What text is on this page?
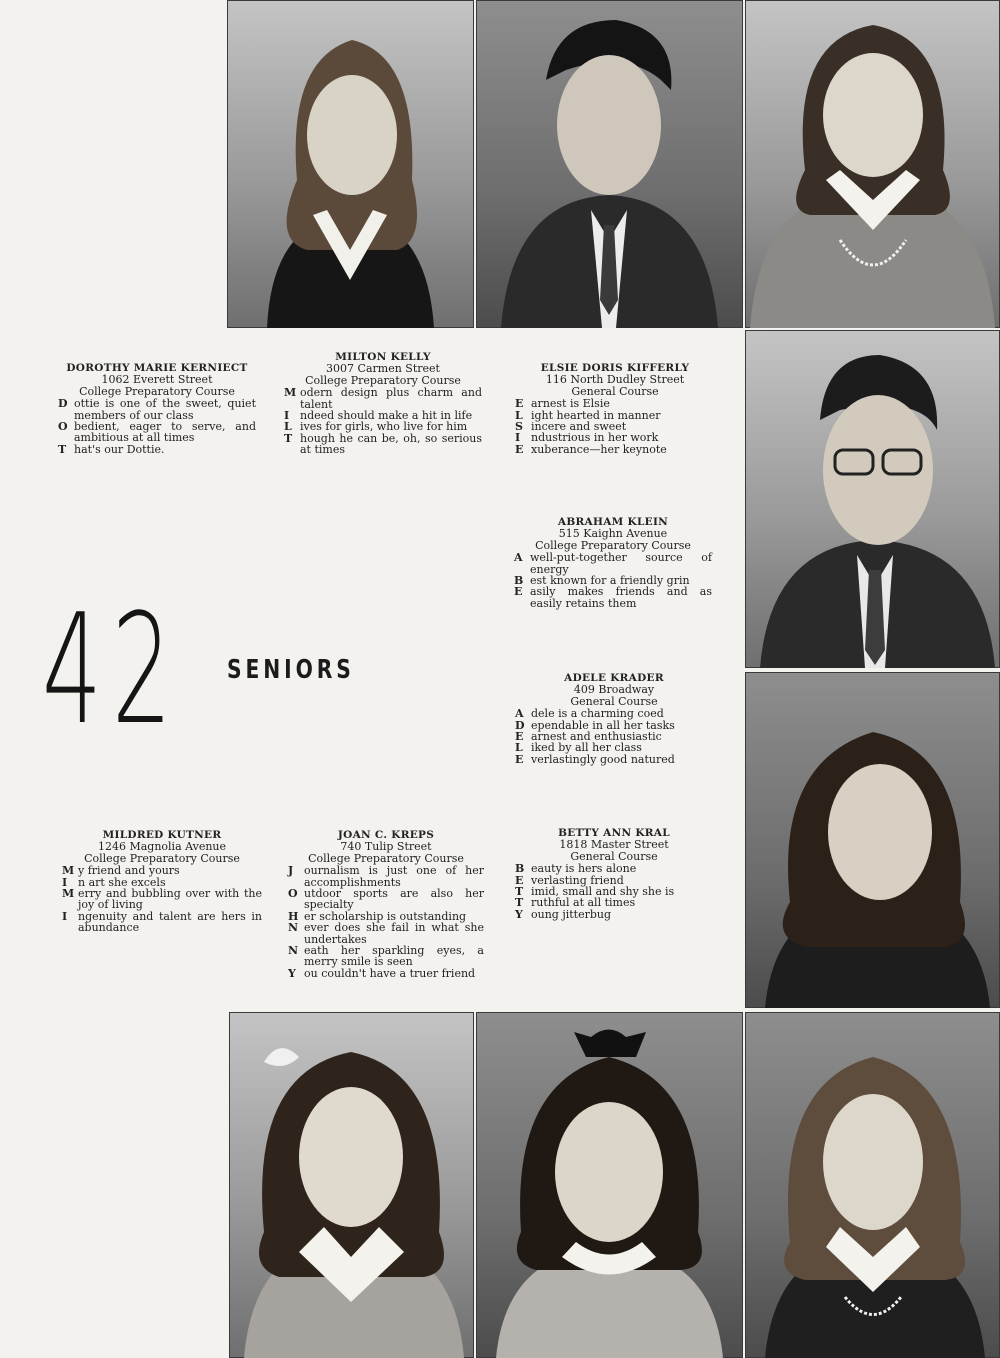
DOROTHY MARIE KERNIECT
1062 Everett Street
College Preparatory Course
D ottie is one of the sweet, quiet members of our class
O bedient, eager to serve, and ambitious at all times
T hat's our Dottie.
MILTON KELLY
3007 Carmen Street
College Preparatory Course
M odern design plus charm and talent
I ndeed should make a hit in life
L ives for girls, who live for him
T hough he can be, oh, so serious at times
ELSIE DORIS KIFFERLY
116 North Dudley Street
General Course
E arnest is Elsie
L ight hearted in manner
S incere and sweet
I ndustrious in her work
E xuberance—her keynote
ABRAHAM KLEIN
515 Kaighn Avenue
College Preparatory Course
A well-put-together source of energy
B est known for a friendly grin
E asily makes friends and as easily retains them
ADELE KRADER
409 Broadway
General Course
A dele is a charming coed
D ependable in all her tasks
E arnest and enthusiastic
L iked by all her class
E verlastingly good natured
MILDRED KUTNER
1246 Magnolia Avenue
College Preparatory Course
M y friend and yours
I n art she excels
M erry and bubbling over with the joy of living
I ngenuity and talent are hers in abundance
JOAN C. KREPS
740 Tulip Street
College Preparatory Course
J ournalism is just one of her accomplishments
O utdoor sports are also her specialty
H er scholarship is outstanding
N ever does she fail in what she undertakes
N eath her sparkling eyes, a merry smile is seen
Y ou couldn't have a truer friend
BETTY ANN KRAL
1818 Master Street
General Course
B eauty is hers alone
E verlasting friend
T imid, small and shy she is
T ruthful at all times
Y oung jitterbug
42 SENIORS
